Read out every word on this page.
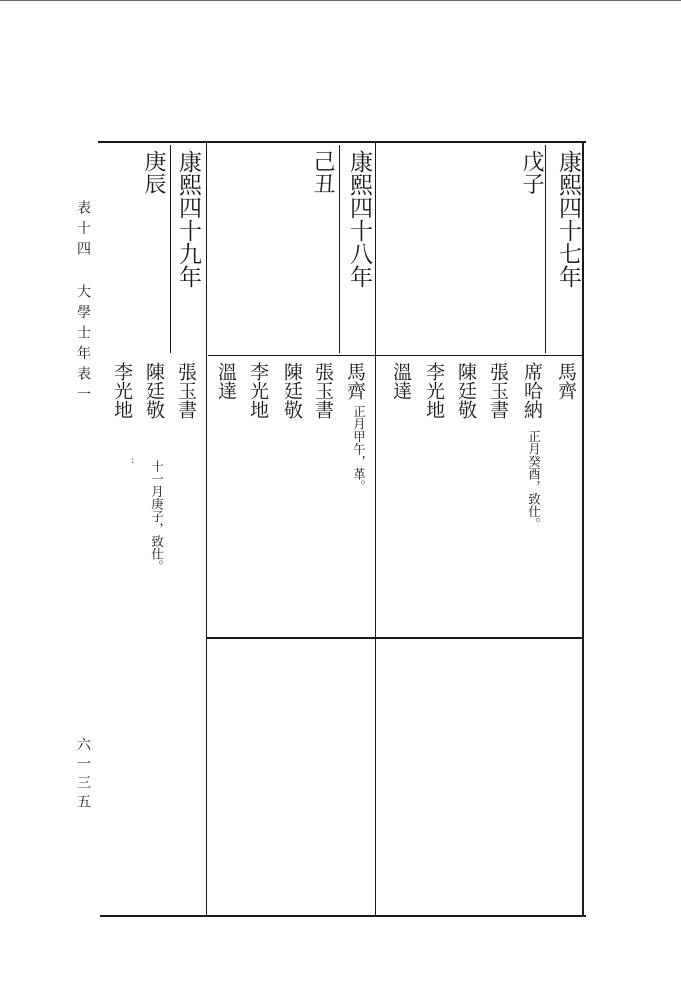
表十四 大學士年表一
六一三五
康熙四十七年
戊子
馬齊
席哈納
正月癸酉，致仕。
張玉書
陳廷敬
李光地
溫達
康熙四十八年
己丑
馬齊
正月甲午，革。
張玉書
陳廷敬
李光地
溫達
康熙四十九年
庚辰
張玉書
陳廷敬
十一月庚子，致仕。
李光地
:
